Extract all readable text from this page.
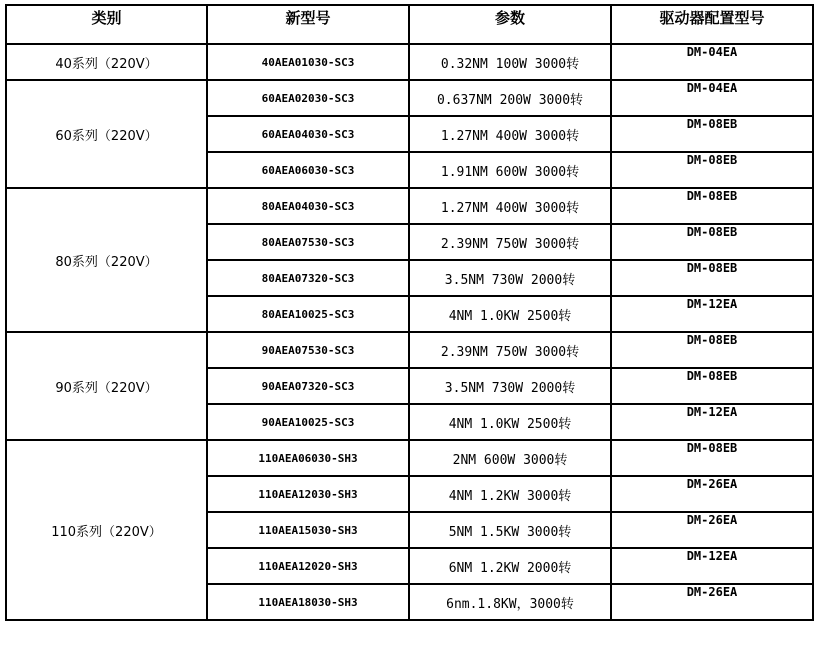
类别	新型号	参数	驱动器配置型号
40系列（220V）	40AEA01030-SC3	0.32NM 100W 3000转	DM-04EA
60系列（220V）	60AEA02030-SC3	0.637NM 200W 3000转	DM-04EA
	60AEA04030-SC3	1.27NM 400W 3000转	DM-08EB
	60AEA06030-SC3	1.91NM 600W 3000转	DM-08EB
80系列（220V）	80AEA04030-SC3	1.27NM 400W 3000转	DM-08EB
	80AEA07530-SC3	2.39NM 750W 3000转	DM-08EB
	80AEA07320-SC3	3.5NM 730W 2000转	DM-08EB
	80AEA10025-SC3	4NM 1.0KW 2500转	DM-12EA
90系列（220V）	90AEA07530-SC3	2.39NM 750W 3000转	DM-08EB
	90AEA07320-SC3	3.5NM 730W 2000转	DM-08EB
	90AEA10025-SC3	4NM 1.0KW 2500转	DM-12EA
110系列（220V）	110AEA06030-SH3	2NM 600W 3000转	DM-08EB
	110AEA12030-SH3	4NM 1.2KW 3000转	DM-26EA
	110AEA15030-SH3	5NM 1.5KW 3000转	DM-26EA
	110AEA12020-SH3	6NM 1.2KW 2000转	DM-12EA
	110AEA18030-SH3	6nm.1.8KW，3000转	DM-26EA
